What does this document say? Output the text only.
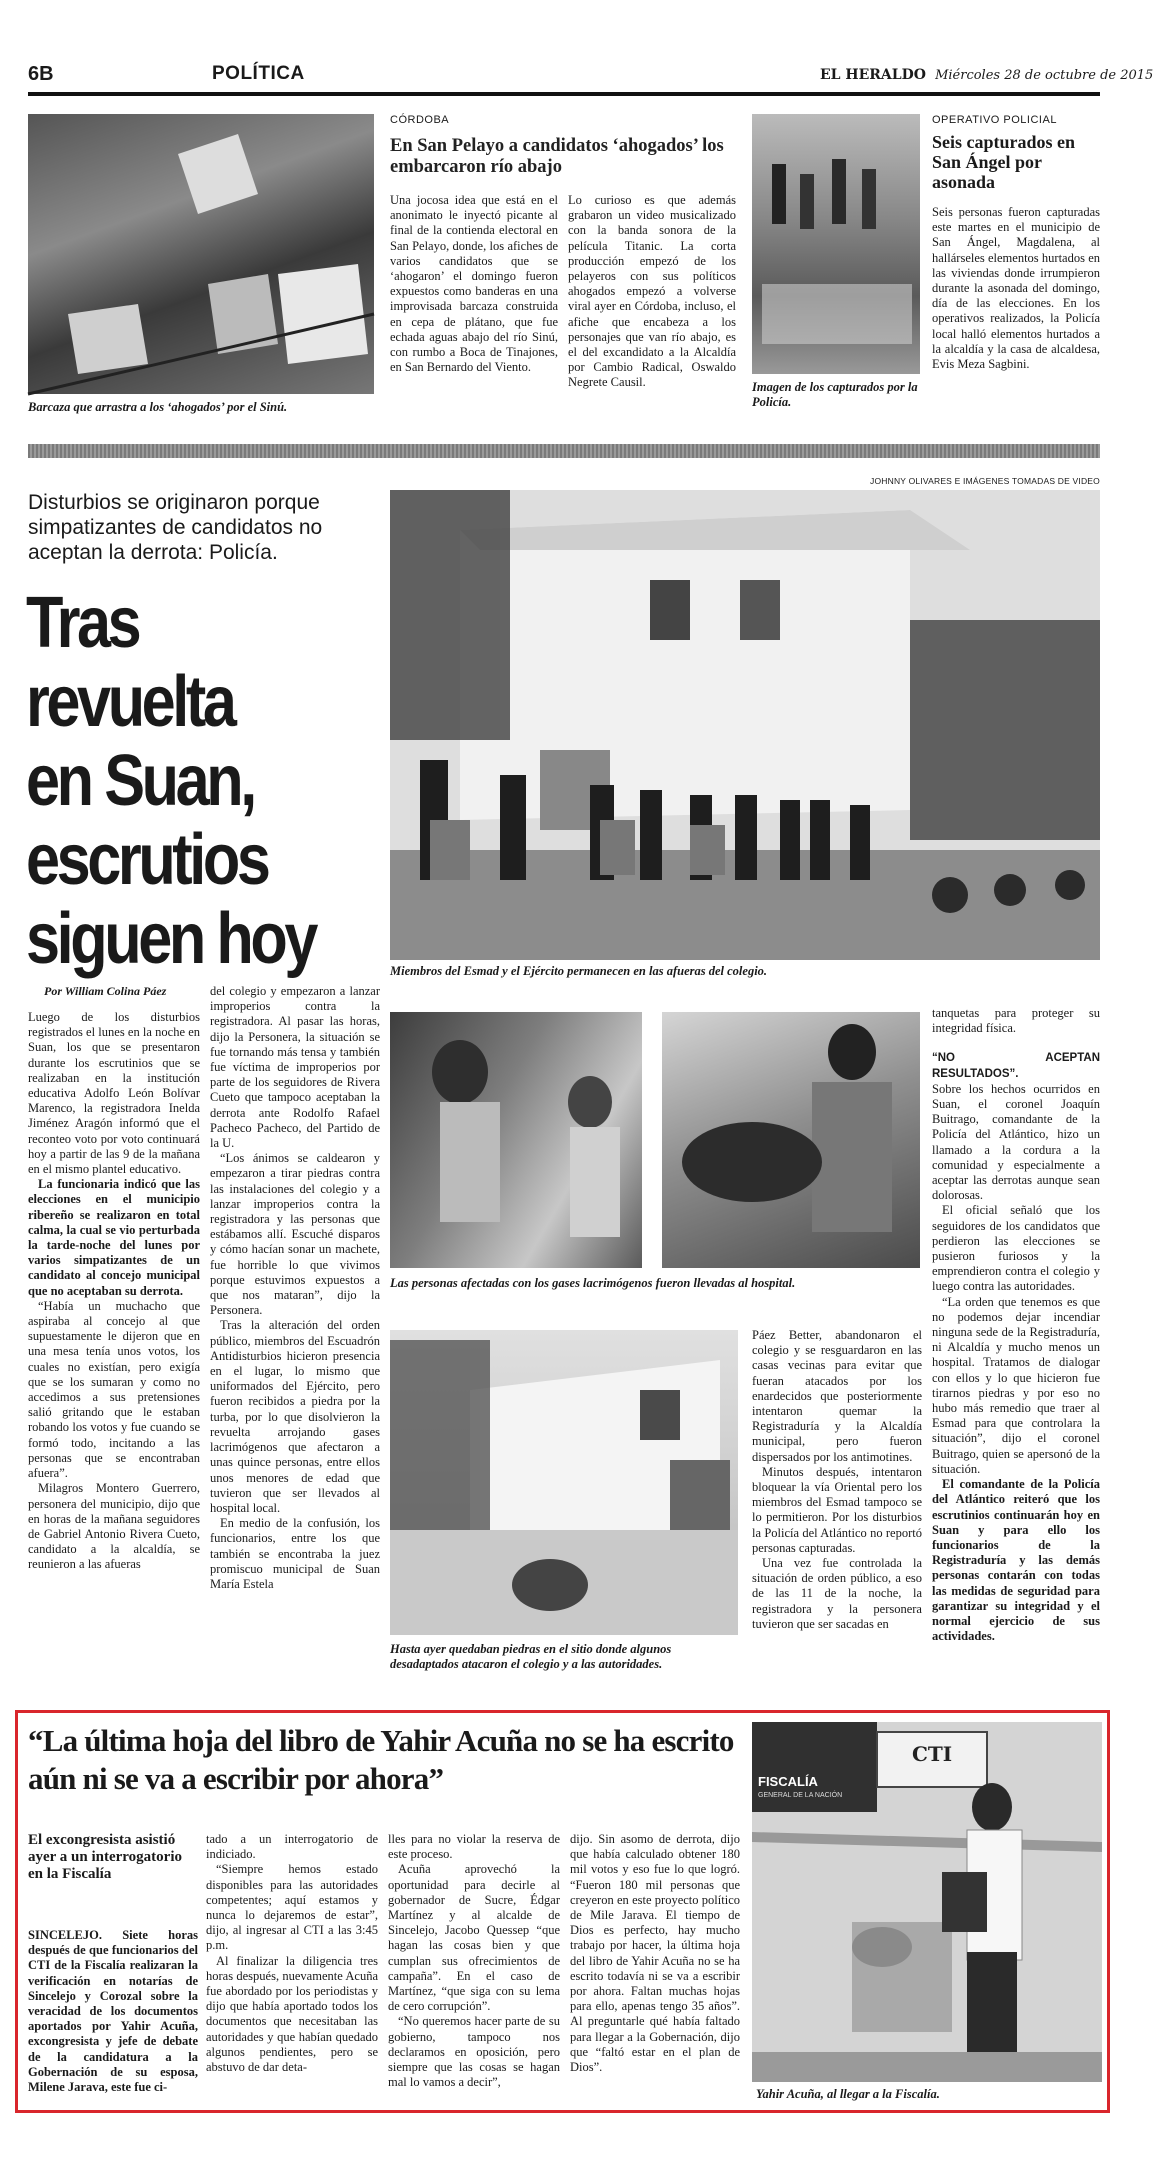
6B	POLÍTICA	EL HERALDO Miércoles 28 de octubre de 2015
Barcaza que arrastra a los ‘ahogados’ por el Sinú.
CÓRDOBA
En San Pelayo a candidatos ‘ahogados’ los embarcaron río abajo

Una jocosa idea que está en el anonimato le inyectó picante al final de la contienda electoral en San Pelayo, donde, los afiches de varios candidatos que se ‘ahogaron’ el domingo fueron expuestos como banderas en una improvisada barcaza construida en cepa de plátano, que fue echada aguas abajo del río Sinú, con rumbo a Boca de Tinajones, en San Bernardo del Viento.

Lo curioso es que además grabaron un video musicalizado con la banda sonora de la película Titanic. La corta producción empezó de los pelayeros con sus políticos ahogados empezó a volverse viral ayer en Córdoba, incluso, el afiche que encabeza a los personajes que van río abajo, es el del excandidato a la Alcaldía por Cambio Radical, Oswaldo Negrete Causil.	Imagen de los capturados por la Policía.
OPERATIVO POLICIAL
Seis capturados en San Ángel por asonada

Seis personas fueron capturadas este martes en el municipio de San Ángel, Magdalena, al hallárseles elementos hurtados en las viviendas donde irrumpieron durante la asonada del domingo, día de las elecciones. En los operativos realizados, la Policía local halló elementos hurtados a la alcaldía y la casa de alcaldesa, Evis Meza Sagbini.

JOHNNY OLIVARES E IMÁGENES TOMADAS DE VIDEO
Disturbios se originaron porque simpatizantes de candidatos no aceptan la derrota: Policía.
Tras revuelta
en Suan,
escrutios
siguen hoy	Miembros del Esmad y el Ejército permanecen en las afueras del colegio.
Por William Colina Páez

Luego de los disturbios registrados el lunes en la noche en Suan, los que se presentaron durante los escrutinios que se realizaban en la institución educativa Adolfo León Bolívar Marenco, la registradora Inelda Jiménez Aragón informó que el reconteo voto por voto continuará hoy a partir de las 9 de la mañana en el mismo plantel educativo.

La funcionaria indicó que las elecciones en el municipio ribereño se realizaron en total calma, la cual se vio perturbada la tarde-noche del lunes por varios simpatizantes de un candidato al concejo municipal que no aceptaban su derrota.

“Había un muchacho que aspiraba al concejo al que supuestamente le dijeron que en una mesa tenía unos votos, los cuales no existían, pero exigía que se los sumaran y como no accedimos a sus pretensiones salió gritando que le estaban robando los votos y fue cuando se formó todo, incitando a las personas que se encontraban afuera”.

Milagros Montero Guerrero, personera del municipio, dijo que en horas de la mañana seguidores de Gabriel Antonio Rivera Cueto, candidato a la alcaldía, se reunieron a las afueras

del colegio y empezaron a lanzar improperios contra la registradora. Al pasar las horas, dijo la Personera, la situación se fue tornando más tensa y también fue víctima de improperios por parte de los seguidores de Rivera Cueto que tampoco aceptaban la derrota ante Rodolfo Rafael Pacheco Pacheco, del Partido de la U.

“Los ánimos se caldearon y empezaron a tirar piedras contra las instalaciones del colegio y a lanzar improperios contra la registradora y las personas que estábamos allí. Escuché disparos y cómo hacían sonar un machete, fue horrible lo que vivimos porque estuvimos expuestos a que nos mataran”, dijo la Personera.

Tras la alteración del orden público, miembros del Escuadrón Antidisturbios hicieron presencia en el lugar, lo mismo que uniformados del Ejército, pero fueron recibidos a piedra por la turba, por lo que disolvieron la revuelta arrojando gases lacrimógenos que afectaron a unas quince personas, entre ellos unos menores de edad que tuvieron que ser llevados al hospital local.

En medio de la confusión, los funcionarios, entre los que también se encontraba la juez promiscuo municipal de Suan María Estela

Las personas afectadas con los gases lacrimógenos fueron llevadas al hospital.
Hasta ayer quedaban piedras en el sitio donde algunos desadaptados atacaron el colegio y a las autoridades.

Páez Better, abandonaron el colegio y se resguardaron en las casas vecinas para evitar que fueran atacados por los enardecidos que posteriormente intentaron quemar la Registraduría y la Alcaldía municipal, pero fueron dispersados por los antimotines.

Minutos después, intentaron bloquear la vía Oriental pero los miembros del Esmad tampoco se lo permitieron. Por los disturbios la Policía del Atlántico no reportó personas capturadas.

Una vez fue controlada la situación de orden público, a eso de las 11 de la noche, la registradora y la personera tuvieron que ser sacadas en

tanquetas para proteger su integridad física.

“NO ACEPTAN RESULTADOS”.

Sobre los hechos ocurridos en Suan, el coronel Joaquín Buitrago, comandante de la Policía del Atlántico, hizo un llamado a la cordura a la comunidad y especialmente a aceptar las derrotas aunque sean dolorosas.

El oficial señaló que los seguidores de los candidatos que perdieron las elecciones se pusieron furiosos y la emprendieron contra el colegio y luego contra las autoridades.

“La orden que tenemos es que no podemos dejar incendiar ninguna sede de la Registraduría, ni Alcaldía y mucho menos un hospital. Tratamos de dialogar con ellos y lo que hicieron fue tirarnos piedras y por eso no hubo más remedio que traer al Esmad para que controlara la situación”, dijo el coronel Buitrago, quien se apersonó de la situación.

El comandante de la Policía del Atlántico reiteró que los escrutinios continuarán hoy en Suan y para ello los funcionarios de la Registraduría y las demás personas contarán con todas las medidas de seguridad para garantizar su integridad y el normal ejercicio de sus actividades.

“La última hoja del libro de Yahir Acuña no se ha escrito aún ni se va a escribir por ahora”
El excongresista asistió ayer a un interrogatorio en la Fiscalía

SINCELEJO. Siete horas después de que funcionarios del CTI de la Fiscalía realizaran la verificación en notarías de Sincelejo y Corozal sobre la veracidad de los documentos aportados por Yahir Acuña, excongresista y jefe de debate de la candidatura a la Gobernación de su esposa, Milene Jarava, este fue ci-

tado a un interrogatorio de indiciado.

“Siempre hemos estado disponibles para las autoridades competentes; aquí estamos y nunca lo dejaremos de estar”, dijo, al ingresar al CTI a las 3:45 p.m.

Al finalizar la diligencia tres horas después, nuevamente Acuña fue abordado por los periodistas y dijo que había aportado todos los documentos que necesitaban las autoridades y que habían quedado algunos pendientes, pero se abstuvo de dar deta-

lles para no violar la reserva de este proceso.

Acuña aprovechó la oportunidad para decirle al gobernador de Sucre, Édgar Martínez y al alcalde de Sincelejo, Jacobo Quessep “que hagan las cosas bien y que cumplan sus ofrecimientos de campaña”. En el caso de Martínez, “que siga con su lema de cero corrupción”.

“No queremos hacer parte de su gobierno, tampoco nos declaramos en oposición, pero siempre que las cosas se hagan mal lo vamos a decir”,

dijo. Sin asomo de derrota, dijo que había calculado obtener 180 mil votos y eso fue lo que logró. “Fueron 180 mil personas que creyeron en este proyecto político de Mile Jarava. El tiempo de Dios es perfecto, hay mucho trabajo por hacer, la última hoja del libro de Yahir Acuña no se ha escrito todavía ni se va a escribir por ahora. Faltan muchas hojas para ello, apenas tengo 35 años”. Al preguntarle qué había faltado para llegar a la Gobernación, dijo que “faltó estar en el plan de Dios”.

FISCALÍA
GENERAL DE LA NACIÓN
CTI
Yahir Acuña, al llegar a la Fiscalía.
